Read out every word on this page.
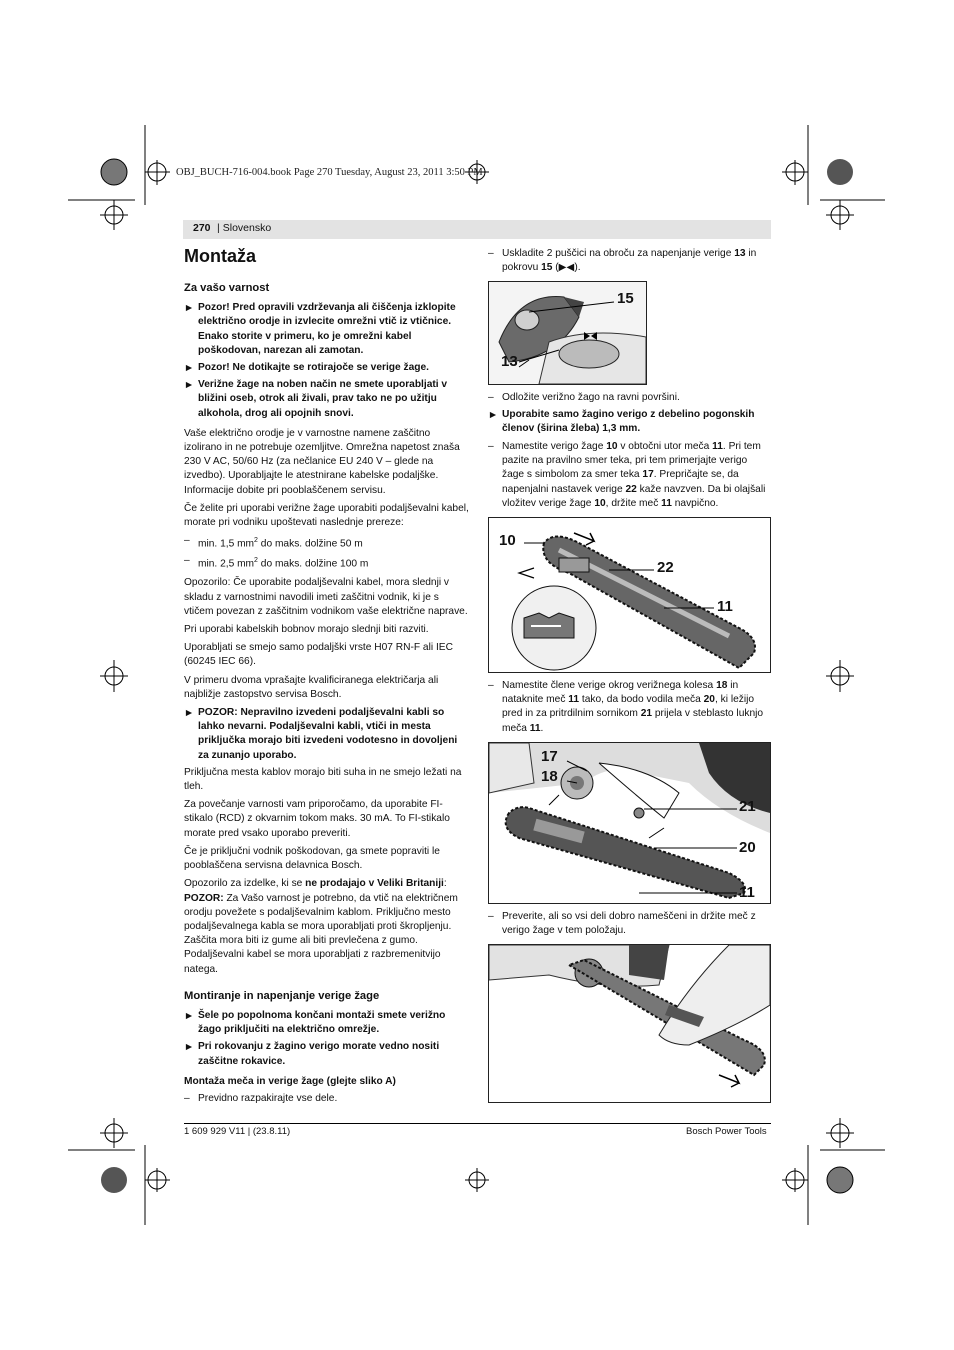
OBJ_BUCH-716-004.book Page 270 Tuesday, August 23, 2011 3:50 PM
270 | Slovensko
Montaža
Za vašo varnost
▶ Pozor! Pred opravili vzdrževanja ali čiščenja izklopite električno orodje in izvlecite omrežni vtič iz vtičnice. Enako storite v primeru, ko je omrežni kabel poškodovan, narezan ali zamotan.
▶ Pozor! Ne dotikajte se rotirajoče se verige žage.
▶ Verižne žage na noben način ne smete uporabljati v bližini oseb, otrok ali živali, prav tako ne po užitju alkohola, drog ali opojnih snovi.
Vaše električno orodje je v varnostne namene zaščitno izolirano in ne potrebuje ozemljitve. Omrežna napetost znaša 230 V AC, 50/60 Hz (za nečlanice EU 240 V – glede na izvedbo). Uporabljajte le atestnirane kabelske podaljške. Informacije dobite pri pooblaščenem servisu.
Če želite pri uporabi verižne žage uporabiti podaljševalni kabel, morate pri vodniku upoštevati naslednje prereze:
– min. 1,5 $mm^2$ do maks. dolžine 50 m
– min. 2,5 $mm^2$ do maks. dolžine 100 m
Opozorilo: Če uporabite podaljševalni kabel, mora slednji v skladu z varnostnimi navodili imeti zaščitni vodnik, ki je s vtičem povezan z zaščitnim vodnikom vaše električne naprave.
Pri uporabi kabelskih bobnov morajo slednji biti razviti.
Uporabljati se smejo samo podaljški vrste H07 RN-F ali IEC (60245 IEC 66).
V primeru dvoma vprašajte kvalificiranega električarja ali najbližje zastopstvo servisa Bosch.
▶ POZOR: Nepravilno izvedeni podaljševalni kabli so lahko nevarni. Podaljševalni kabli, vtiči in mesta priključka morajo biti izvedeni vodotesno in dovoljeni za zunanjo uporabo.
Priključna mesta kablov morajo biti suha in ne smejo ležati na tleh.
Za povečanje varnosti vam priporočamo, da uporabite FI-stikalo (RCD) z okvarnim tokom maks. 30 mA. To FI-stikalo morate pred vsako uporabo preveriti.
Če je priključni vodnik poškodovan, ga smete popraviti le pooblaščena servisna delavnica Bosch.
Opozorilo za izdelke, ki se ne prodajajo v Veliki Britaniji:
POZOR: Za Vašo varnost je potrebno, da vtič na električnem orodju povežete s podaljševalnim kablom. Priključno mesto podaljševalnega kabla se mora uporabljati proti škropljenju. Zaščita mora biti iz gume ali biti prevlečena z gumo. Podaljševalni kabel se mora uporabljati z razbremenitvijo natega.
Montiranje in napenjanje verige žage
▶ Šele po popolnoma končani montaži smete verižno žago priključiti na električno omrežje.
▶ Pri rokovanju z žagino verigo morate vedno nositi zaščitne rokavice.
Montaža meča in verige žage (glejte sliko A)
– Previdno razpakirajte vse dele.
– Uskladite 2 puščici na obroču za napenjanje verige 13 in pokrovu 15 (▶◀).
15
13
– Odložite verižno žago na ravni površini.
▶ Uporabite samo žagino verigo z debelino pogonskih členov (širina žleba) 1,3 mm.
– Namestite verigo žage 10 v obtočni utor meča 11. Pri tem pazite na pravilno smer teka, pri tem primerjajte verigo žage s simbolom za smer teka 17. Prepričajte se, da napenjalni nastavek verige 22 kaže navzven. Da bi olajšali vložitev verige žage 10, držite meč 11 navpično.
10
22
11
– Namestite člene verige okrog verižnega kolesa 18 in nataknite meč 11 tako, da bodo vodila meča 20, ki ležijo pred in za pritrdilnim sornikom 21 prijela v steblasto luknjo meča 11.
17
18
21
20
11
– Preverite, ali so vsi deli dobro nameščeni in držite meč z verigo žage v tem položaju.
1 609 929 V11 | (23.8.11)	Bosch Power Tools
